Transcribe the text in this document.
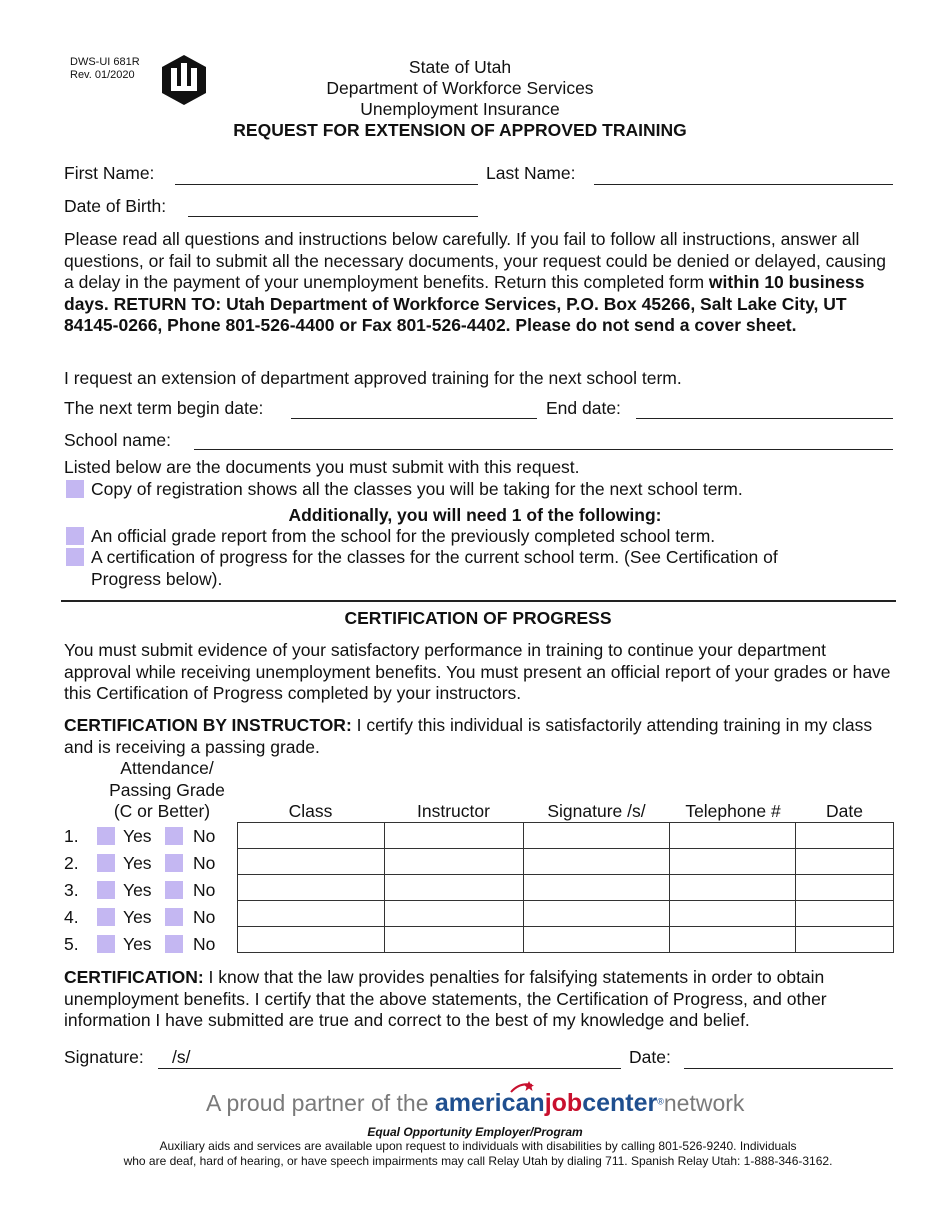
DWS-UI 681R
Rev. 01/2020	State of Utah
Department of Workforce Services
Unemployment Insurance
REQUEST FOR EXTENSION OF APPROVED TRAINING
First Name:	Last Name:
Date of Birth:
Please read all questions and instructions below carefully. If you fail to follow all instructions, answer all questions, or fail to submit all the necessary documents, your request could be denied or delayed, causing a delay in the payment of your unemployment benefits. Return this completed form within 10 business days. RETURN TO: Utah Department of Workforce Services, P.O. Box 45266, Salt Lake City, UT 84145-0266, Phone 801-526-4400 or Fax 801-526-4402. Please do not send a cover sheet.
I request an extension of department approved training for the next school term.
The next term begin date:	End date:
School name:
Listed below are the documents you must submit with this request.
Copy of registration shows all the classes you will be taking for the next school term.
Additionally, you will need 1 of the following:
An official grade report from the school for the previously completed school term.
A certification of progress for the classes for the current school term. (See Certification of
Progress below).
CERTIFICATION OF PROGRESS
You must submit evidence of your satisfactory performance in training to continue your department approval while receiving unemployment benefits. You must present an official report of your grades or have this Certification of Progress completed by your instructors.
CERTIFICATION BY INSTRUCTOR: I certify this individual is satisfactorily attending training in my class and is receiving a passing grade.
Attendance/
Passing Grade
(C or Better)	Class	Instructor	Signature /s/	Telephone #	Date

1.	Yes No
2.	Yes No
3.	Yes No
4.	Yes No
5.	Yes No
CERTIFICATION: I know that the law provides penalties for falsifying statements in order to obtain unemployment benefits. I certify that the above statements, the Certification of Progress, and other information I have submitted are true and correct to the best of my knowledge and belief.
Signature: /s/	Date:
A proud partner of the americanjobcenter®network
Equal Opportunity Employer/Program
Auxiliary aids and services are available upon request to individuals with disabilities by calling 801-526-9240. Individuals
who are deaf, hard of hearing, or have speech impairments may call Relay Utah by dialing 711. Spanish Relay Utah: 1-888-346-3162.
